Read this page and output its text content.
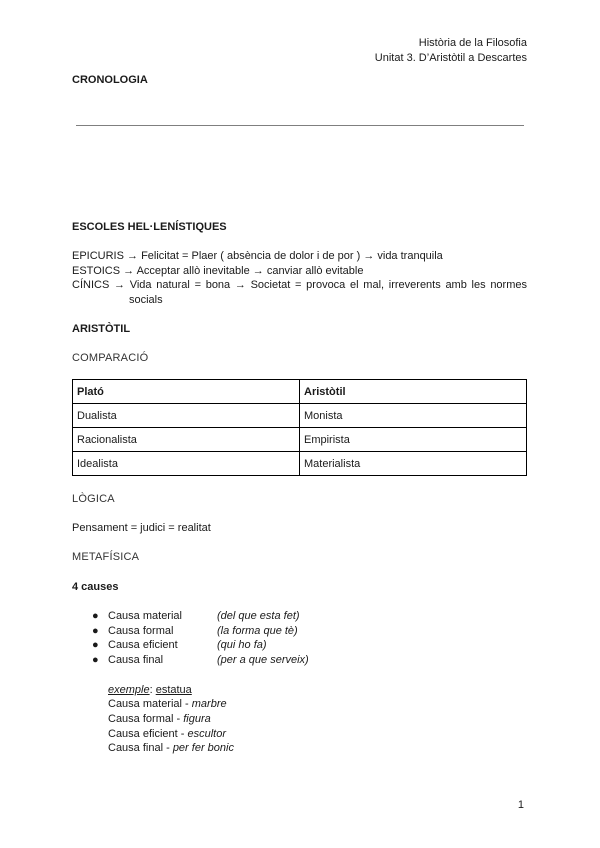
Història de la Filosofia
Unitat 3. D’Aristòtil a Descartes
CRONOLOGIA
ESCOLES HEL·LENÍSTIQUES
EPICURIS → Felicitat = Plaer ( absència de dolor i de por ) → vida tranquila
ESTOICS → Acceptar allò inevitable → canviar allò evitable
CÍNICS → Vida natural = bona → Societat = provoca el mal, irreverents amb les normes
socials
ARISTÒTIL
COMPARACIÓ
Plató	Aristòtil
Dualista	Monista
Racionalista	Empirista
Idealista	Materialista
LÒGICA
Pensament = judici = realitat
METAFÍSICA
4 causes
● Causa material	(del que esta fet)
● Causa formal	(la forma que tè)
● Causa eficient	(qui ho fa)
● Causa final	(per a que serveix)
exemple: estatua
Causa material - marbre
Causa formal - figura
Causa eficient - escultor
Causa final - per fer bonic
1
